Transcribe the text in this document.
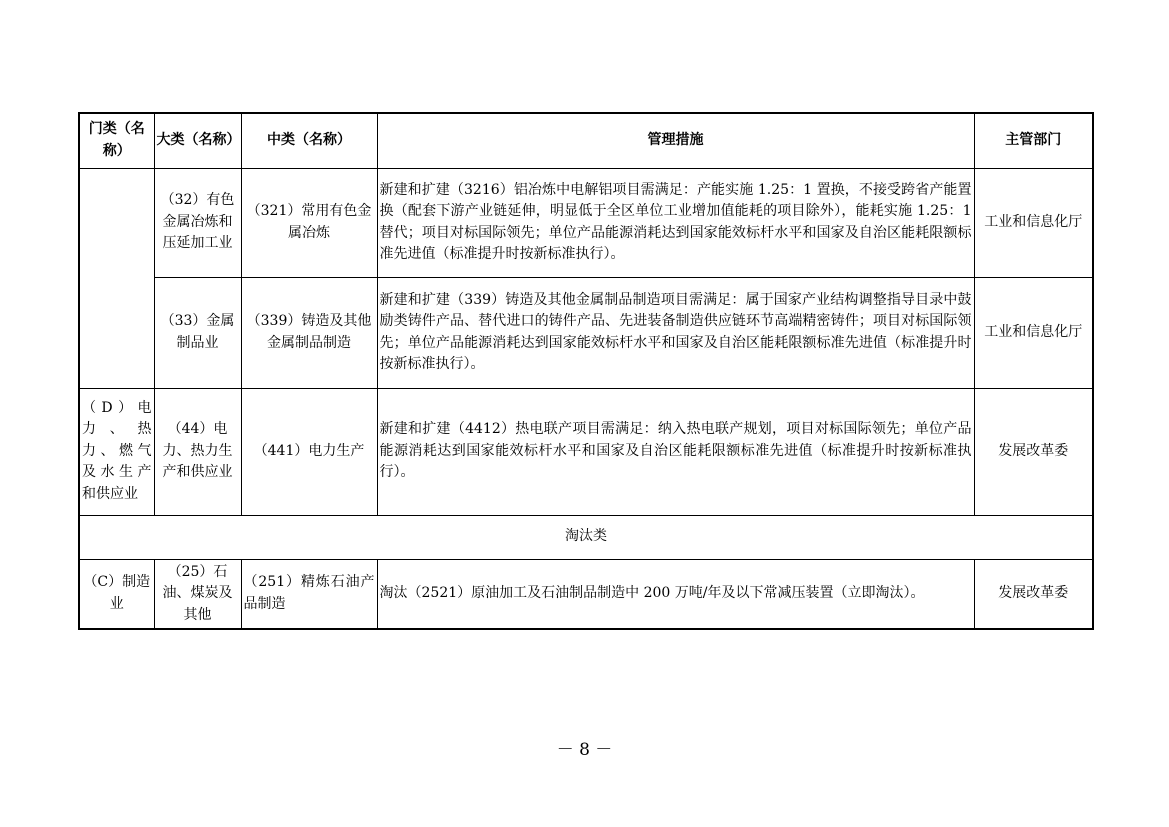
门类（名称）	大类（名称）	中类（名称）	管理措施	主管部门
	（32）有色金属冶炼和压延加工业	（321）常用有色金属冶炼	新建和扩建（3216）铝冶炼中电解铝项目需满足：产能实施 1.25：1 置换，不接受跨省产能置换（配套下游产业链延伸，明显低于全区单位工业增加值能耗的项目除外），能耗实施 1.25：1 替代；项目对标国际领先；单位产品能源消耗达到国家能效标杆水平和国家及自治区能耗限额标准先进值（标准提升时按新标准执行）。	工业和信息化厅
	（33）金属制品业	（339）铸造及其他金属制品制造	新建和扩建（339）铸造及其他金属制品制造项目需满足：属于国家产业结构调整指导目录中鼓励类铸件产品、替代进口的铸件产品、先进装备制造供应链环节高端精密铸件；项目对标国际领先；单位产品能源消耗达到国家能效标杆水平和国家及自治区能耗限额标准先进值（标准提升时按新标准执行）。	工业和信息化厅
（D）电力、热力、燃气及水生产和供应业	（44）电力、热力生产和供应业	（441）电力生产	新建和扩建（4412）热电联产项目需满足：纳入热电联产规划，项目对标国际领先；单位产品能源消耗达到国家能效标杆水平和国家及自治区能耗限额标准先进值（标准提升时按新标准执行）。	发展改革委
淘汰类				
（C）制造业	（25）石油、煤炭及其他	（251）精炼石油产品制造	淘汰（2521）原油加工及石油制品制造中 200 万吨/年及以下常减压装置（立即淘汰）。	发展改革委
－ 8 －
